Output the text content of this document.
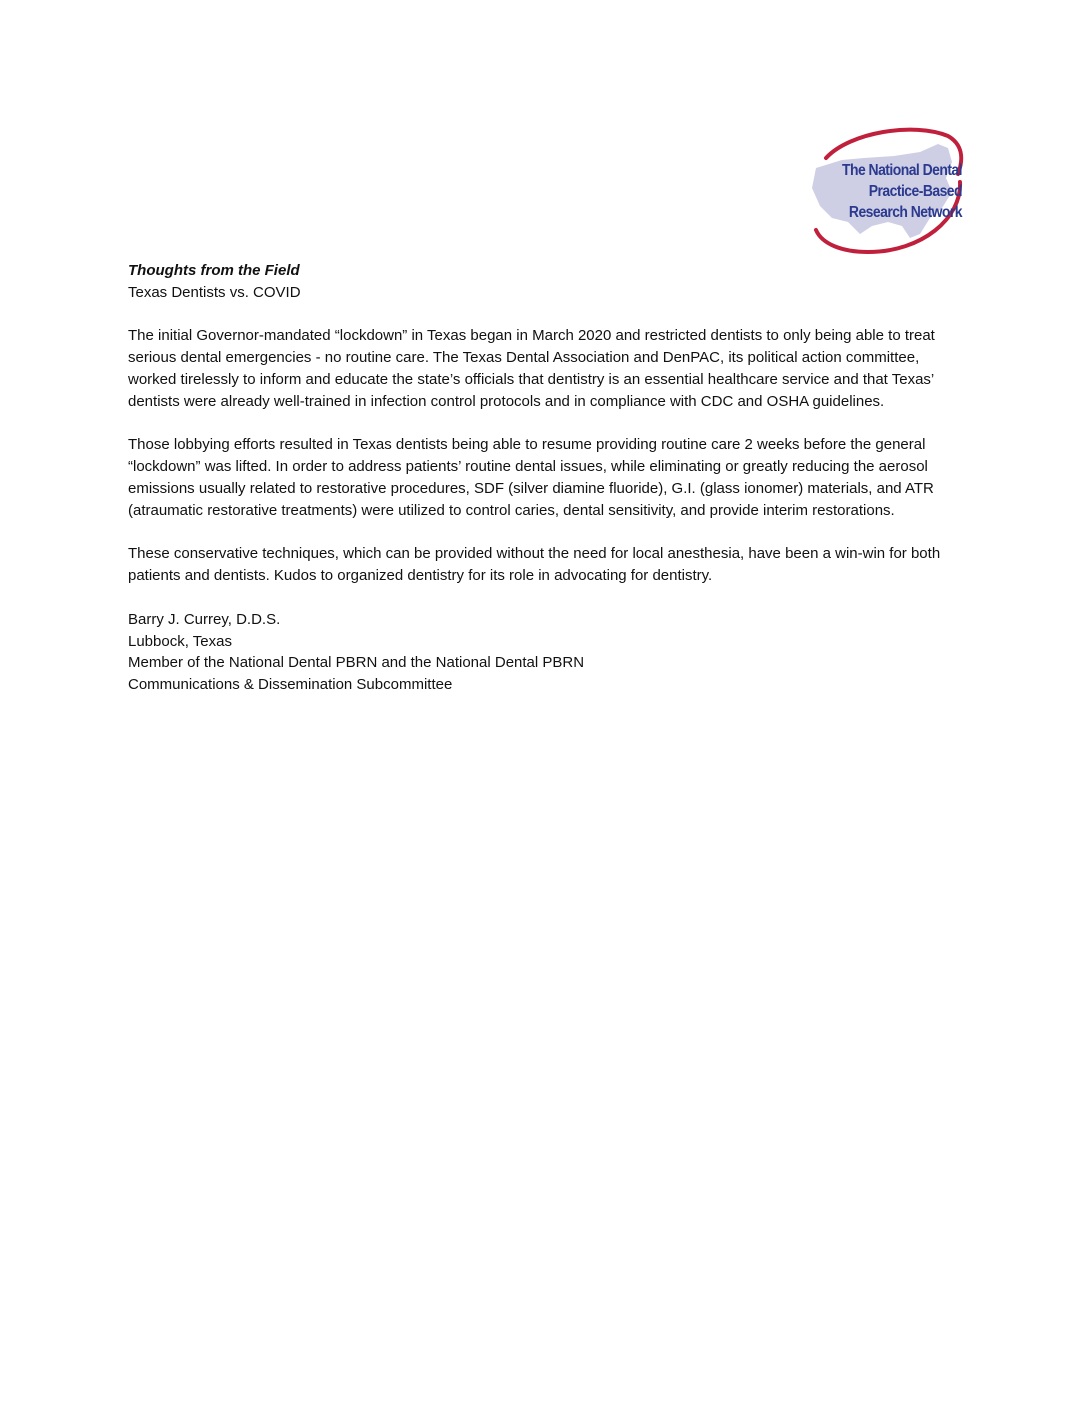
The National Dental
Practice-Based
Research Network

Thoughts from the Field

Texas Dentists vs. COVID

The initial Governor-mandated “lockdown” in Texas began in March 2020 and restricted dentists to only being able to treat serious dental emergencies - no routine care. The Texas Dental Association and DenPAC, its political action committee, worked tirelessly to inform and educate the state’s officials that dentistry is an essential healthcare service and that Texas’ dentists were already well-trained in infection control protocols and in compliance with CDC and OSHA guidelines.

Those lobbying efforts resulted in Texas dentists being able to resume providing routine care 2 weeks before the general “lockdown” was lifted. In order to address patients’ routine dental issues, while eliminating or greatly reducing the aerosol emissions usually related to restorative procedures, SDF (silver diamine fluoride), G.I. (glass ionomer) materials, and ATR (atraumatic restorative treatments) were utilized to control caries, dental sensitivity, and provide interim restorations.

These conservative techniques, which can be provided without the need for local anesthesia, have been a win-win for both patients and dentists. Kudos to organized dentistry for its role in advocating for dentistry.

Barry J. Currey, D.D.S.

Lubbock, Texas

Member of the National Dental PBRN and the National Dental PBRN

Communications & Dissemination Subcommittee
